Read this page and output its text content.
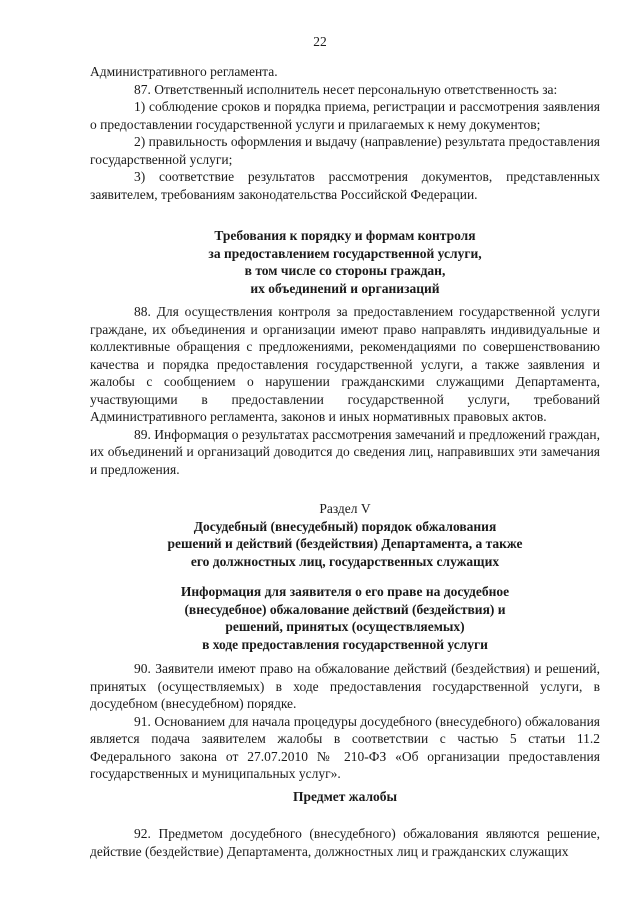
22

Административного регламента.

87. Ответственный исполнитель несет персональную ответственность за:

1) соблюдение сроков и порядка приема, регистрации и рассмотрения заявления о предоставлении государственной услуги и прилагаемых к нему документов;

2) правильность оформления и выдачу (направление) результата предоставления государственной услуги;

3) соответствие результатов рассмотрения документов, представленных заявителем, требованиям законодательства Российской Федерации.

Требования к порядку и формам контроля

за предоставлением государственной услуги,

в том числе со стороны граждан,

их объединений и организаций

88. Для осуществления контроля за предоставлением государственной услуги граждане, их объединения и организации имеют право направлять индивидуальные и коллективные обращения с предложениями, рекомендациями по совершенствованию качества и порядка предоставления государственной услуги, а также заявления и жалобы с сообщением о нарушении гражданскими служащими Департамента, участвующими в предоставлении государственной услуги, требований Административного регламента, законов и иных нормативных правовых актов.

89. Информация о результатах рассмотрения замечаний и предложений граждан, их объединений и организаций доводится до сведения лиц, направивших эти замечания и предложения.

Раздел V

Досудебный (внесудебный) порядок обжалования

решений и действий (бездействия) Департамента, а также

его должностных лиц, государственных служащих

Информация для заявителя о его праве на досудебное

(внесудебное) обжалование действий (бездействия) и

решений, принятых (осуществляемых)

в ходе предоставления государственной услуги

90. Заявители имеют право на обжалование действий (бездействия) и решений, принятых (осуществляемых) в ходе предоставления государственной услуги, в досудебном (внесудебном) порядке.

91. Основанием для начала процедуры досудебного (внесудебного) обжалования является подача заявителем жалобы в соответствии с частью 5 статьи 11.2 Федерального закона от 27.07.2010 № 210-ФЗ «Об организации предоставления государственных и муниципальных услуг».

Предмет жалобы

92. Предметом досудебного (внесудебного) обжалования являются решение, действие (бездействие) Департамента, должностных лиц и гражданских служащих
